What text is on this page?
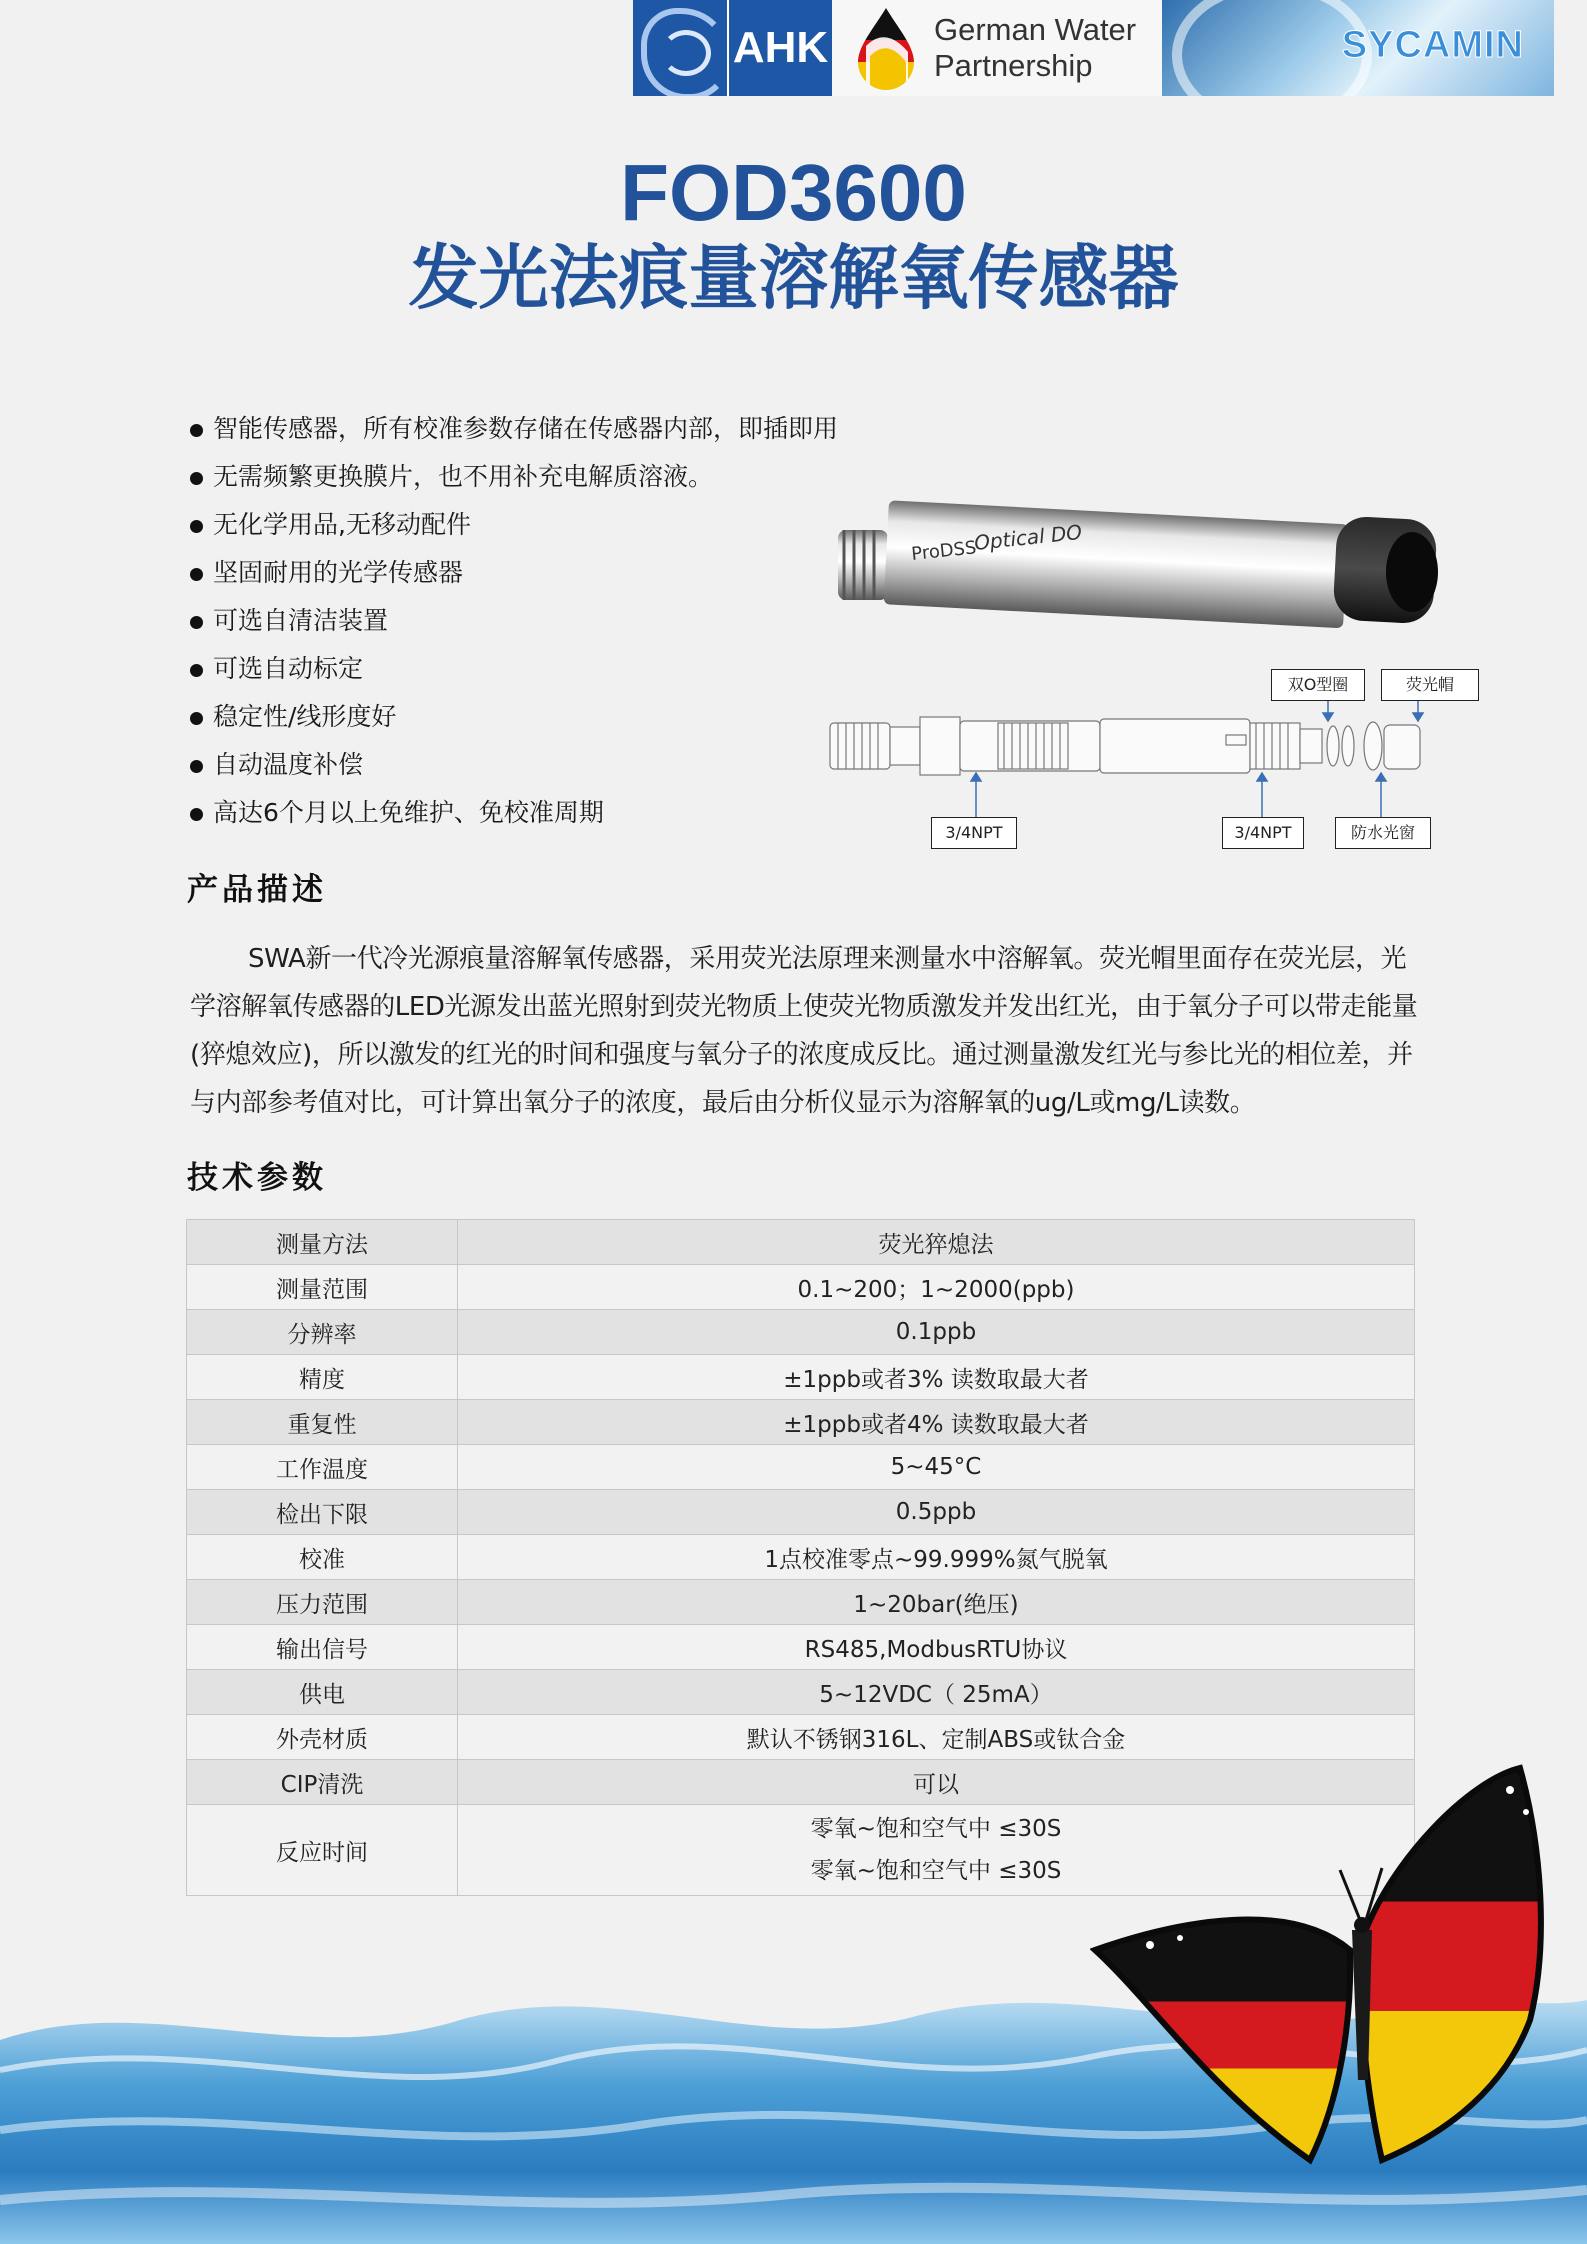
AHK	German Water
Partnership	SYCAMIN
FOD3600
发光法痕量溶解氧传感器
智能传感器，所有校准参数存储在传感器内部，即插即用
无需频繁更换膜片，也不用补充电解质溶液。
无化学用品,无移动配件
坚固耐用的光学传感器
可选自清洁装置
可选自动标定
稳定性/线形度好
自动温度补偿
高达6个月以上免维护、免校准周期
ProDSS
Optical DO
双O型圈	荧光帽
3/4NPT	3/4NPT	防水光窗
产品描述

SWA新一代冷光源痕量溶解氧传感器，采用荧光法原理来测量水中溶解氧。荧光帽里面存在荧光层，光学溶解氧传感器的LED光源发出蓝光照射到荧光物质上使荧光物质激发并发出红光，由于氧分子可以带走能量(猝熄效应)，所以激发的红光的时间和强度与氧分子的浓度成反比。通过测量激发红光与参比光的相位差，并与内部参考值对比，可计算出氧分子的浓度，最后由分析仪显示为溶解氧的ug/L或mg/L读数。

技术参数
测量方法	荧光猝熄法
测量范围	0.1~200；1~2000(ppb)
分辨率	0.1ppb
精度	±1ppb或者3% 读数取最大者
重复性	±1ppb或者4% 读数取最大者
工作温度	5~45°C
检出下限	0.5ppb
校准	1点校准零点~99.999%氮气脱氧
压力范围	1~20bar(绝压)
输出信号	RS485,ModbusRTU协议
供电	5~12VDC（ 25mA）
外壳材质	默认不锈钢316L、定制ABS或钛合金
CIP清洗	可以
反应时间	零氧~饱和空气中 ≤30S
零氧~饱和空气中 ≤30S
